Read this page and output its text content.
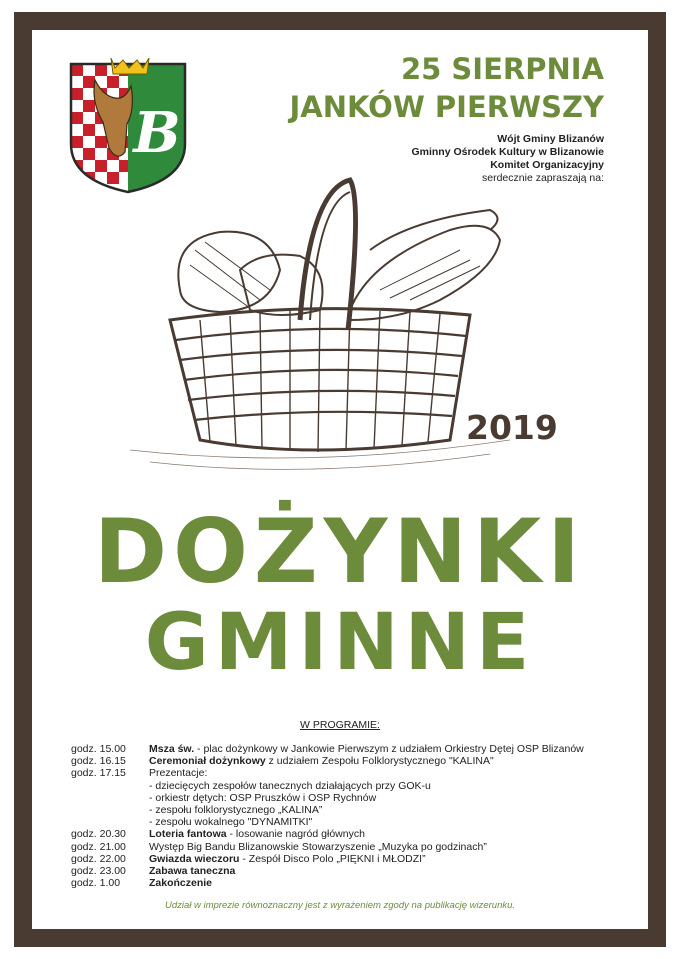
B
25 SIERPNIA
JANKÓW PIERWSZY
Wójt Gminy Blizanów
Gminny Ośrodek Kultury w Blizanowie
Komitet Organizacyjny
serdecznie zapraszają na:
2019
DOŻYNKI
GMINNE
W PROGRAMIE:
godz. 15.00	Msza św. - plac dożynkowy w Jankowie Pierwszym z udziałem Orkiestry Dętej OSP Blizanów
godz. 16.15	Ceremoniał dożynkowy z udziałem Zespołu Folklorystycznego "KALINA"
godz. 17.15	Prezentacje:
- dziecięcych zespołów tanecznych działających przy GOK-u
- orkiestr dętych: OSP Pruszków i OSP Rychnów
- zespołu folklorystycznego „KALINA”
- zespołu wokalnego "DYNAMITKI"
godz. 20.30	Loteria fantowa - losowanie nagród głównych
godz. 21.00	Występ Big Bandu Blizanowskie Stowarzyszenie „Muzyka po godzinach”
godz. 22.00	Gwiazda wieczoru - Zespół Disco Polo „PIĘKNI i MŁODZI”
godz. 23.00	Zabawa taneczna
godz. 1.00	Zakończenie
Udział w imprezie równoznaczny jest z wyrażeniem zgody na publikację wizerunku.
